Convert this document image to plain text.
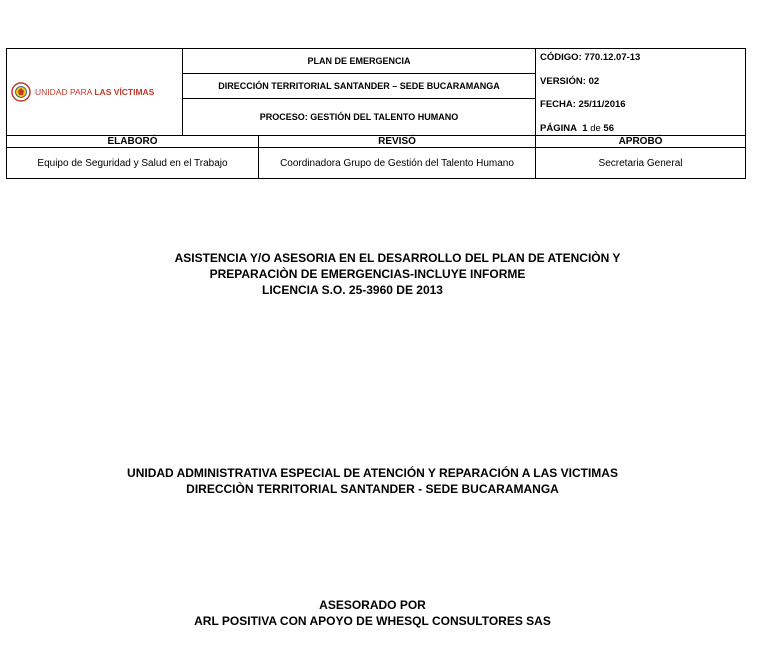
UNIDAD PARA LAS VÍCTIMAS	PLAN DE EMERGENCIA		CÓDIGO: 770.12.07-13
VERSIÓN: 02
FECHA: 25/11/2016
PÁGINA 1 de 56

	DIRECCIÓN TERRITORIAL SANTANDER – SEDE BUCARAMANGA		
	PROCESO: GESTIÓN DEL TALENTO HUMANO		
ELABORÓ		REVISÓ	APROBÓ
Equipo de Seguridad y Salud en el Trabajo		Coordinadora Grupo de Gestión del Talento Humano	Secretaria General
ASISTENCIA Y/O ASESORIA EN EL DESARROLLO DEL PLAN DE ATENCIÒN Y
PREPARACIÒN DE EMERGENCIAS-INCLUYE INFORME
LICENCIA S.O. 25-3960 DE 2013
UNIDAD ADMINISTRATIVA ESPECIAL DE ATENCIÓN Y REPARACIÓN A LAS VICTIMAS
DIRECCIÒN TERRITORIAL SANTANDER - SEDE BUCARAMANGA
ASESORADO POR
ARL POSITIVA CON APOYO DE WHESQL CONSULTORES SAS
